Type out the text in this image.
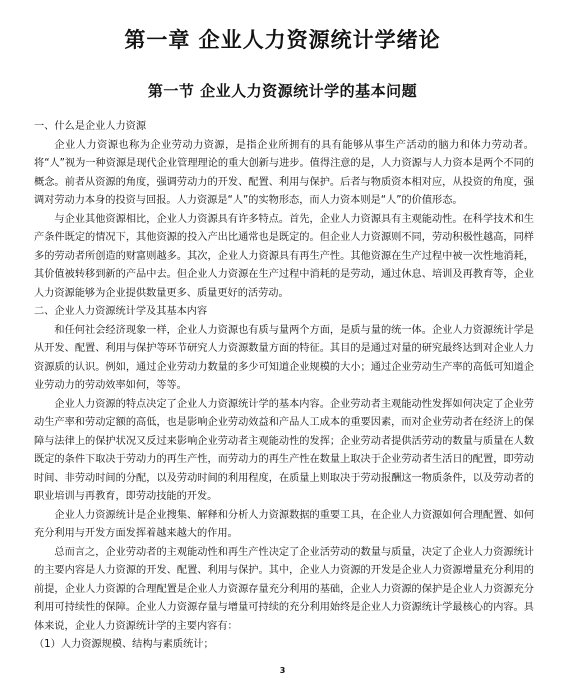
第一章 企业人力资源统计学绪论
第一节 企业人力资源统计学的基本问题
一、什么是企业人力资源

企业人力资源也称为企业劳动力资源，是指企业所拥有的具有能够从事生产活动的脑力和体力劳动者。将“人”视为一种资源是现代企业管理理论的重大创新与进步。值得注意的是，人力资源与人力资本是两个不同的概念。前者从资源的角度，强调劳动力的开发、配置、利用与保护。后者与物质资本相对应，从投资的角度，强调对劳动力本身的投资与回报。人力资源是“人”的实物形态，而人力资本则是“人”的价值形态。

与企业其他资源相比，企业人力资源具有许多特点。首先，企业人力资源具有主观能动性。在科学技术和生产条件既定的情况下，其他资源的投入产出比通常也是既定的。但企业人力资源则不同，劳动积极性越高，同样多的劳动者所创造的财富则越多。其次，企业人力资源具有再生产性。其他资源在生产过程中被一次性地消耗，其价值被转移到新的产品中去。但企业人力资源在生产过程中消耗的是劳动，通过休息、培训及再教育等，企业人力资源能够为企业提供数量更多、质量更好的活劳动。

二、企业人力资源统计学及其基本内容

和任何社会经济现象一样，企业人力资源也有质与量两个方面，是质与量的统一体。企业人力资源统计学是从开发、配置、利用与保护等环节研究人力资源数量方面的特征。其目的是通过对量的研究最终达到对企业人力资源质的认识。例如，通过企业劳动力数量的多少可知道企业规模的大小；通过企业劳动生产率的高低可知道企业劳动力的劳动效率如何，等等。

企业人力资源的特点决定了企业人力资源统计学的基本内容。企业劳动者主观能动性发挥如何决定了企业劳动生产率和劳动定额的高低，也是影响企业劳动效益和产品人工成本的重要因素，而对企业劳动者在经济上的保障与法律上的保护状况又反过来影响企业劳动者主观能动性的发挥；企业劳动者提供活劳动的数量与质量在人数既定的条件下取决于劳动力的再生产性，而劳动力的再生产性在数量上取决于企业劳动者生活日的配置，即劳动时间、非劳动时间的分配，以及劳动时间的利用程度，在质量上则取决于劳动报酬这一物质条件，以及劳动者的职业培训与再教育，即劳动技能的开发。

企业人力资源统计是企业搜集、解释和分析人力资源数据的重要工具，在企业人力资源如何合理配置、如何充分利用与开发方面发挥着越来越大的作用。

总而言之，企业劳动者的主观能动性和再生产性决定了企业活劳动的数量与质量，决定了企业人力资源统计的主要内容是人力资源的开发、配置、利用与保护。其中，企业人力资源的开发是企业人力资源增量充分利用的前提，企业人力资源的合理配置是企业人力资源存量充分利用的基础，企业人力资源的保护是企业人力资源充分利用可持续性的保障。企业人力资源存量与增量可持续的充分利用始终是企业人力资源统计学最核心的内容。具体来说，企业人力资源统计学的主要内容有：

（1）人力资源规模、结构与素质统计；

3
